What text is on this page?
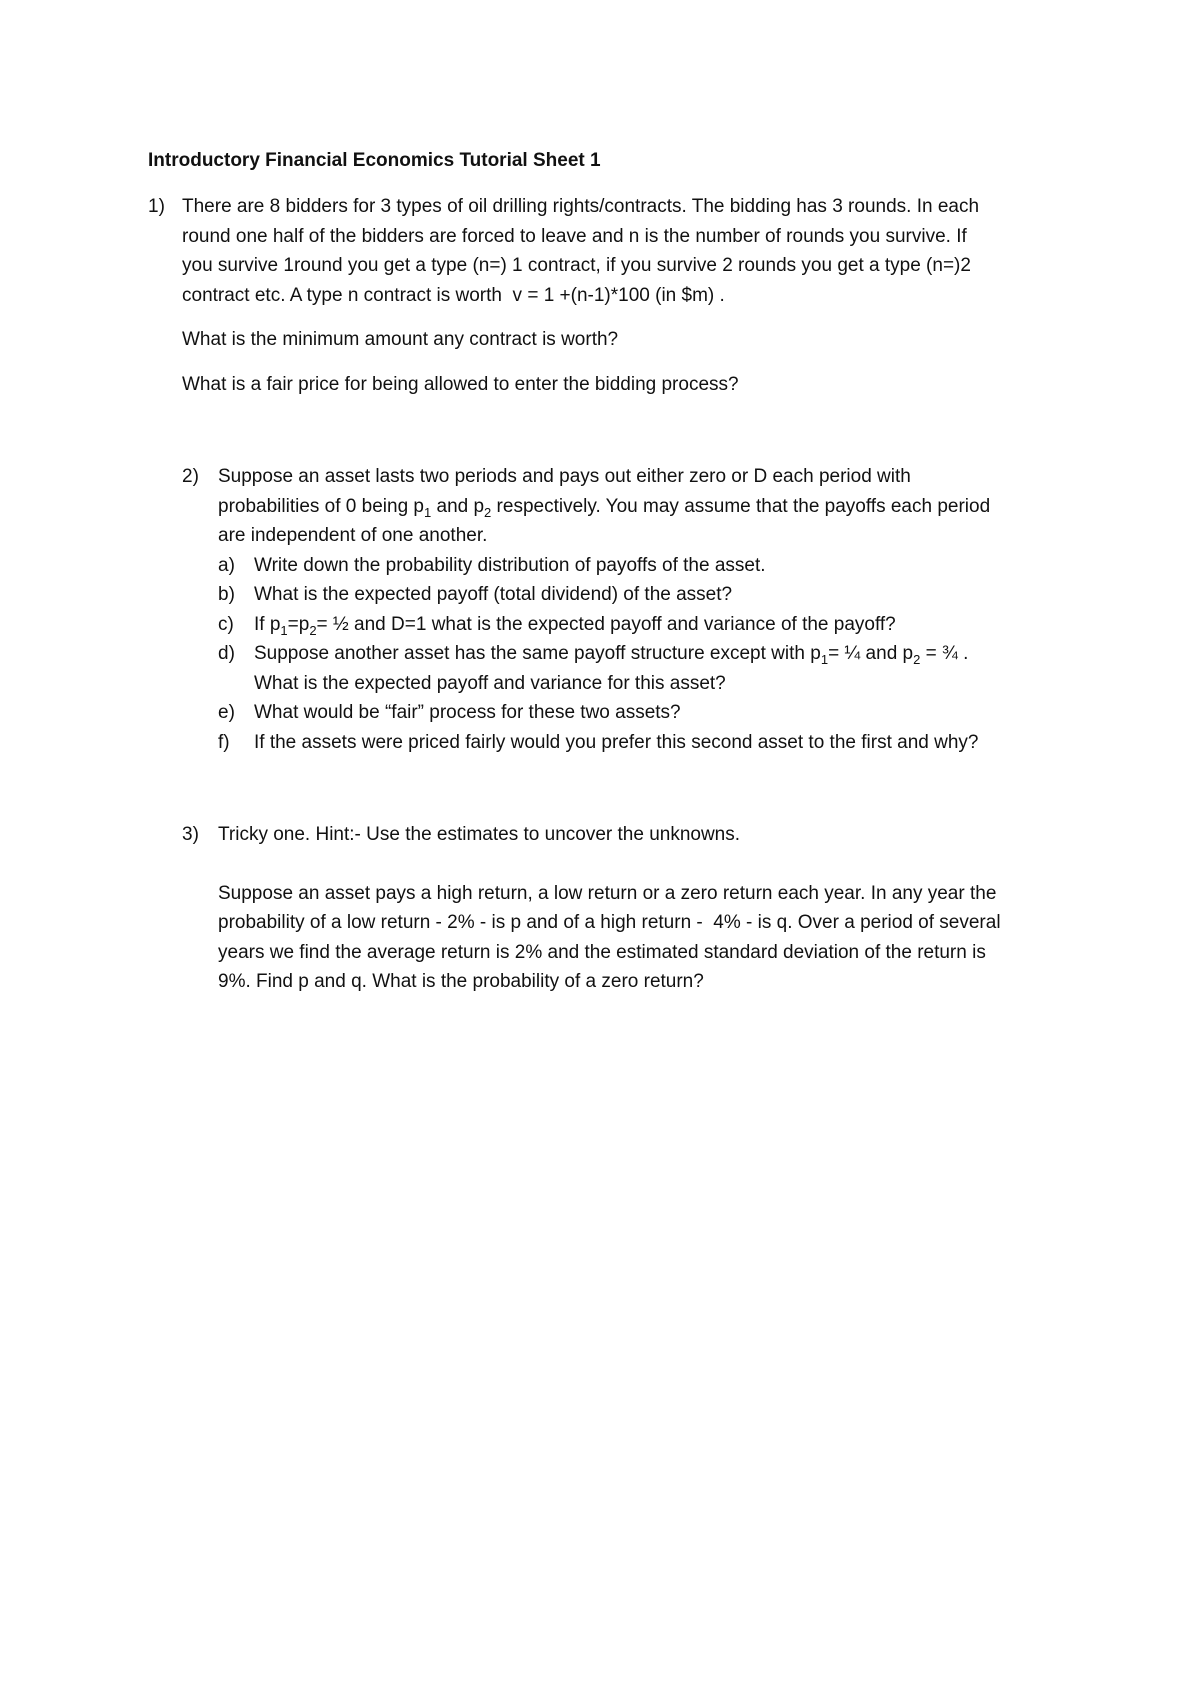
Introductory Financial Economics Tutorial Sheet 1
1) There are 8 bidders for 3 types of oil drilling rights/contracts. The bidding has 3 rounds. In each

round one half of the bidders are forced to leave and n is the number of rounds you survive. If

you survive 1round you get a type (n=) 1 contract, if you survive 2 rounds you get a type (n=)2

contract etc. A type n contract is worth  v = 1 +(n-1)*100 (in $m) .

What is the minimum amount any contract is worth?

What is a fair price for being allowed to enter the bidding process?

2)	Suppose an asset lasts two periods and pays out either zero or D each period with

probabilities of 0 being $p_1$ and $p_2$ respectively. You may assume that the payoffs each period

are independent of one another.

a) Write down the probability distribution of payoffs of the asset.
b) What is the expected payoff (total dividend) of the asset?
c) If $p_1=p_2=$ ½ and D=1 what is the expected payoff and variance of the payoff?
d) Suppose another asset has the same payoff structure except with $p_1=$ ¼ and $p_2$ = ¾ .
What is the expected payoff and variance for this asset?
e) What would be “fair” process for these two assets?
f) If the assets were priced fairly would you prefer this second asset to the first and why?
3)	Tricky one. Hint:- Use the estimates to uncover the unknowns.

Suppose an asset pays a high return, a low return or a zero return each year. In any year the

probability of a low return - 2% - is p and of a high return -  4% - is q. Over a period of several

years we find the average return is 2% and the estimated standard deviation of the return is

9%. Find p and q. What is the probability of a zero return?
